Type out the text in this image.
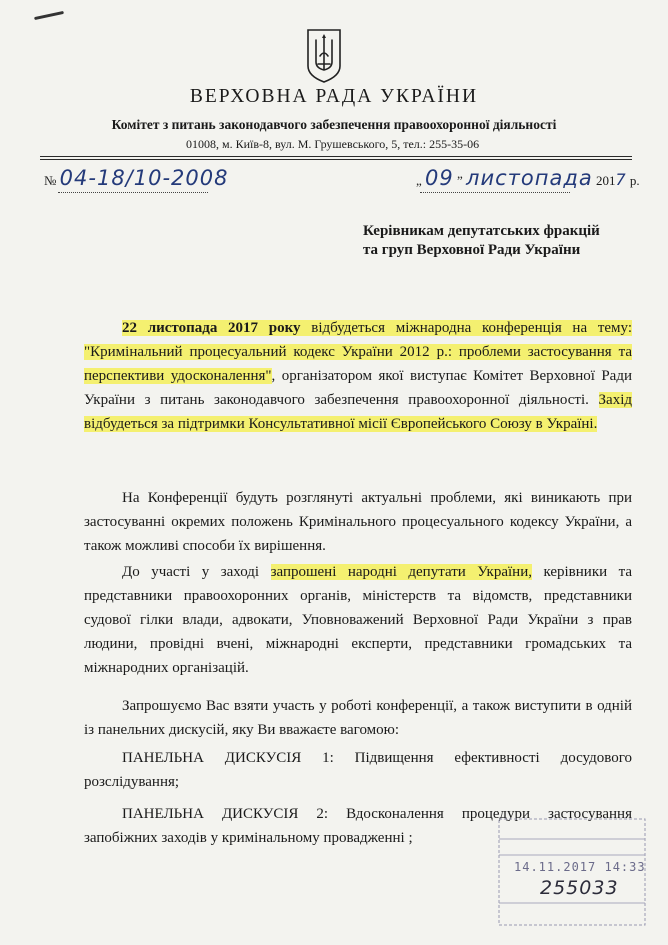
ВЕРХОВНА РАДА УКРАЇНИ
Комітет з питань законодавчого забезпечення правоохоронної діяльності
01008, м. Київ-8, вул. М. Грушевського, 5, тел.: 255-35-06
№ 04-18/10-2008	„ 09 ” листопада 2017 р.
Керівникам депутатських фракцій
та груп Верховної Ради України
22 листопада 2017 року відбудеться міжнародна конференція на тему: "Кримінальний процесуальний кодекс України 2012 р.: проблеми застосування та перспективи удосконалення", організатором якої виступає Комітет Верховної Ради України з питань законодавчого забезпечення правоохоронної діяльності. Захід відбудеться за підтримки Консультативної місії Європейського Союзу в Україні.
На Конференції будуть розглянуті актуальні проблеми, які виникають при застосуванні окремих положень Кримінального процесуального кодексу України, а також можливі способи їх вирішення.
До участі у заході запрошені народні депутати України, керівники та представники правоохоронних органів, міністерств та відомств, представники судової гілки влади, адвокати, Уповноважений Верховної Ради України з прав людини, провідні вчені, міжнародні експерти, представники громадських та міжнародних організацій.
Запрошуємо Вас взяти участь у роботі конференції, а також виступити в одній із панельних дискусій, яку Ви вважаєте вагомою:
ПАНЕЛЬНА ДИСКУСІЯ 1: Підвищення ефективності досудового розслідування;
ПАНЕЛЬНА ДИСКУСІЯ 2: Вдосконалення процедури застосування запобіжних заходів у кримінальному провадженні ;
14.11.2017 14:33
255033
